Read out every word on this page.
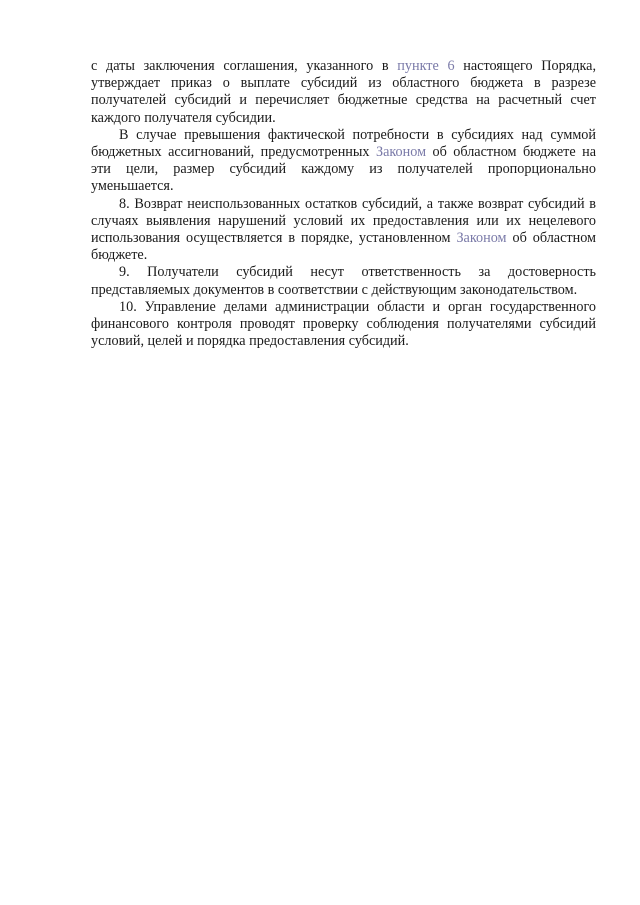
с даты заключения соглашения, указанного в пункте 6 настоящего Порядка, утверждает приказ о выплате субсидий из областного бюджета в разрезе получателей субсидий и перечисляет бюджетные средства на расчетный счет каждого получателя субсидии.

В случае превышения фактической потребности в субсидиях над суммой бюджетных ассигнований, предусмотренных Законом об областном бюджете на эти цели, размер субсидий каждому из получателей пропорционально уменьшается.

8. Возврат неиспользованных остатков субсидий, а также возврат субсидий в случаях выявления нарушений условий их предоставления или их нецелевого использования осуществляется в порядке, установленном Законом об областном бюджете.

9. Получатели субсидий несут ответственность за достоверность представляемых документов в соответствии с действующим законодательством.

10. Управление делами администрации области и орган государственного финансового контроля проводят проверку соблюдения получателями субсидий условий, целей и порядка предоставления субсидий.
